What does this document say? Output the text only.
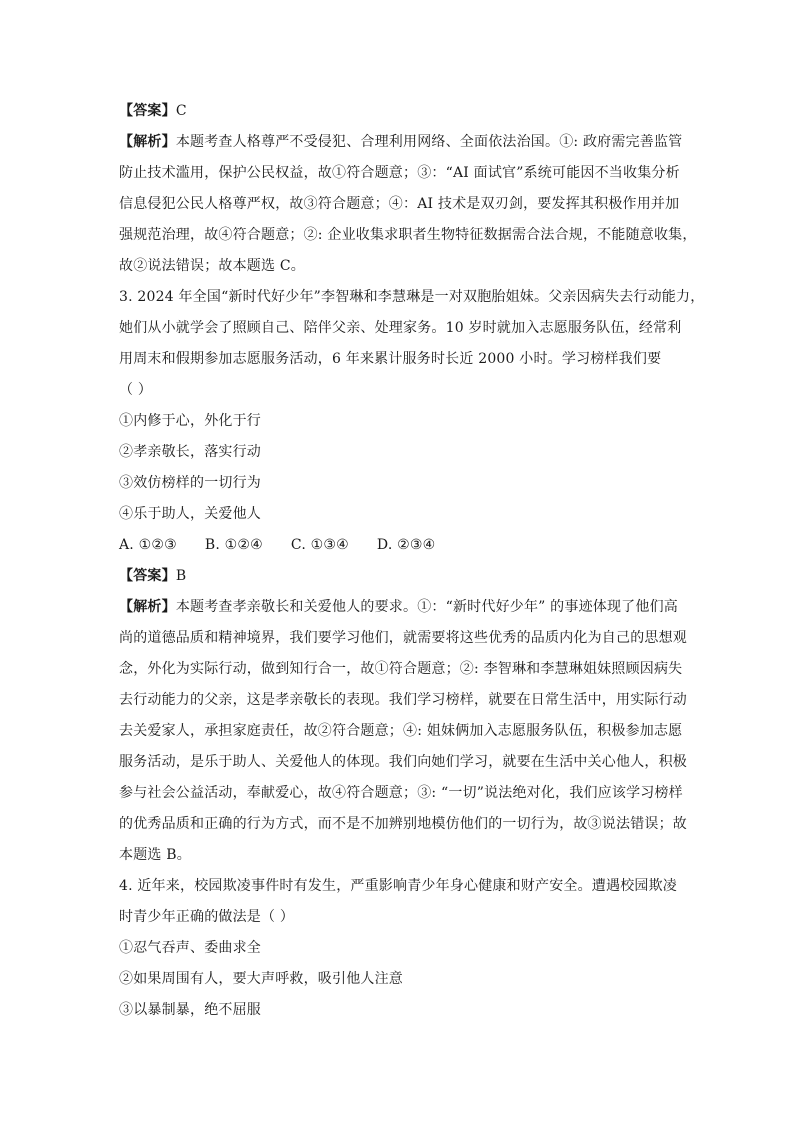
【答案】C
【解析】本题考查人格尊严不受侵犯、合理利用网络、全面依法治国。①: 政府需完善监管
防止技术滥用，保护公民权益，故①符合题意；③：“AI 面试官”系统可能因不当收集分析
信息侵犯公民人格尊严权，故③符合题意；④：AI 技术是双刃剑，要发挥其积极作用并加
强规范治理，故④符合题意；②: 企业收集求职者生物特征数据需合法合规，不能随意收集，
故②说法错误；故本题选 C。
3. 2024 年全国“新时代好少年”李智琳和李慧琳是一对双胞胎姐妹。父亲因病失去行动能力，
她们从小就学会了照顾自己、陪伴父亲、处理家务。10 岁时就加入志愿服务队伍，经常利
用周末和假期参加志愿服务活动，6 年来累计服务时长近 2000 小时。学习榜样我们要
（ ）
①内修于心，外化于行
②孝亲敬长，落实行动
③效仿榜样的一切行为
④乐于助人，关爱他人
A. ①②③ B. ①②④ C. ①③④ D. ②③④
【答案】B
【解析】本题考查孝亲敬长和关爱他人的要求。①：“新时代好少年” 的事迹体现了他们高
尚的道德品质和精神境界，我们要学习他们，就需要将这些优秀的品质内化为自己的思想观
念，外化为实际行动，做到知行合一，故①符合题意；②: 李智琳和李慧琳姐妹照顾因病失
去行动能力的父亲，这是孝亲敬长的表现。我们学习榜样，就要在日常生活中，用实际行动
去关爱家人，承担家庭责任，故②符合题意；④: 姐妹俩加入志愿服务队伍，积极参加志愿
服务活动，是乐于助人、关爱他人的体现。我们向她们学习，就要在生活中关心他人，积极
参与社会公益活动，奉献爱心，故④符合题意；③: “一切”说法绝对化，我们应该学习榜样
的优秀品质和正确的行为方式，而不是不加辨别地模仿他们的一切行为，故③说法错误；故
本题选 B。
4. 近年来，校园欺凌事件时有发生，严重影响青少年身心健康和财产安全。遭遇校园欺凌
时青少年正确的做法是（ ）
①忍气吞声、委曲求全
②如果周围有人，要大声呼救，吸引他人注意
③以暴制暴，绝不屈服
